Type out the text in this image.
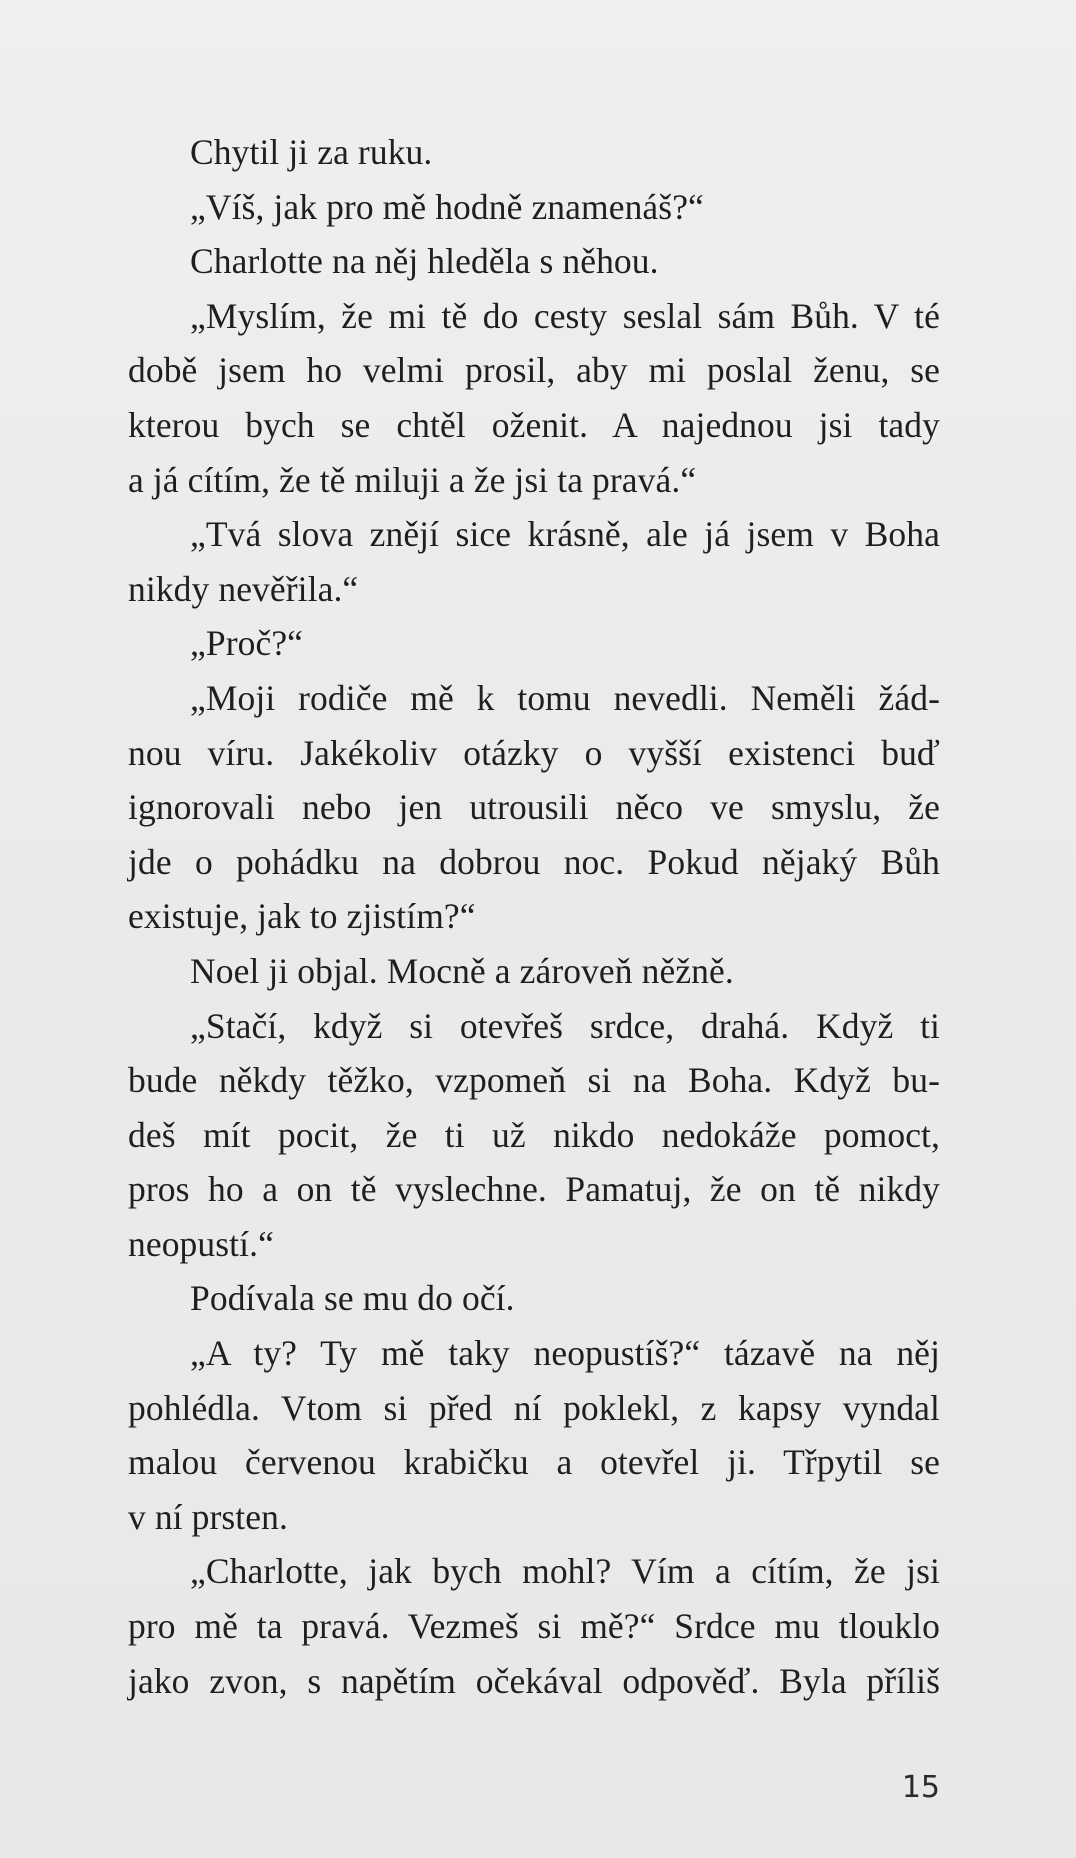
Chytil ji za ruku.
„Víš, jak pro mě hodně znamenáš?“
Charlotte na něj hleděla s něhou.
„Myslím, že mi tě do cesty seslal sám Bůh. V té
době jsem ho velmi prosil, aby mi poslal ženu, se
kterou bych se chtěl oženit. A najednou jsi tady
a já cítím, že tě miluji a že jsi ta pravá.“
„Tvá slova znějí sice krásně, ale já jsem v Boha
nikdy nevěřila.“
„Proč?“
„Moji rodiče mě k tomu nevedli. Neměli žád-
nou víru. Jakékoliv otázky o vyšší existenci buď
ignorovali nebo jen utrousili něco ve smyslu, že
jde o pohádku na dobrou noc. Pokud nějaký Bůh
existuje, jak to zjistím?“
Noel ji objal. Mocně a zároveň něžně.
„Stačí, když si otevřeš srdce, drahá. Když ti
bude někdy těžko, vzpomeň si na Boha. Když bu-
deš mít pocit, že ti už nikdo nedokáže pomoct,
pros ho a on tě vyslechne. Pamatuj, že on tě nikdy
neopustí.“
Podívala se mu do očí.
„A ty? Ty mě taky neopustíš?“ tázavě na něj
pohlédla. Vtom si před ní poklekl, z kapsy vyndal
malou červenou krabičku a otevřel ji. Třpytil se
v ní prsten.
„Charlotte, jak bych mohl? Vím a cítím, že jsi
pro mě ta pravá. Vezmeš si mě?“ Srdce mu tlouklo
jako zvon, s napětím očekával odpověď. Byla příliš
15
